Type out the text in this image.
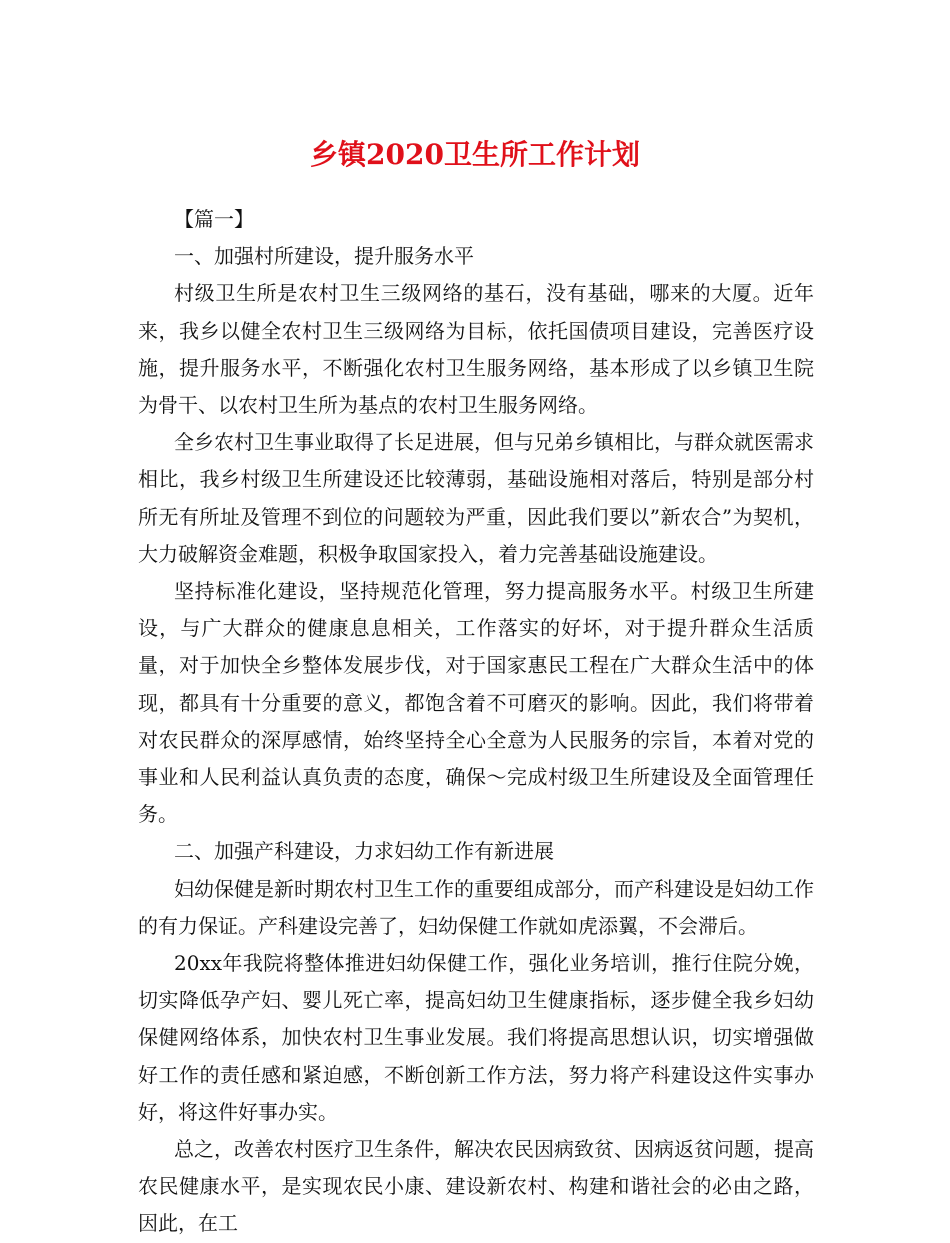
乡镇2020卫生所工作计划

【篇一】

一、加强村所建设，提升服务水平

村级卫生所是农村卫生三级网络的基石，没有基础，哪来的大厦。近年来，我乡以健全农村卫生三级网络为目标，依托国债项目建设，完善医疗设施，提升服务水平，不断强化农村卫生服务网络，基本形成了以乡镇卫生院为骨干、以农村卫生所为基点的农村卫生服务网络。

全乡农村卫生事业取得了长足进展，但与兄弟乡镇相比，与群众就医需求相比，我乡村级卫生所建设还比较薄弱，基础设施相对落后，特别是部分村所无有所址及管理不到位的问题较为严重，因此我们要以”新农合”为契机，大力破解资金难题，积极争取国家投入，着力完善基础设施建设。

坚持标准化建设，坚持规范化管理，努力提高服务水平。村级卫生所建设，与广大群众的健康息息相关，工作落实的好坏，对于提升群众生活质量，对于加快全乡整体发展步伐，对于国家惠民工程在广大群众生活中的体现，都具有十分重要的意义，都饱含着不可磨灭的影响。因此，我们将带着对农民群众的深厚感情，始终坚持全心全意为人民服务的宗旨，本着对党的事业和人民利益认真负责的态度，确保～完成村级卫生所建设及全面管理任务。

二、加强产科建设，力求妇幼工作有新进展

妇幼保健是新时期农村卫生工作的重要组成部分，而产科建设是妇幼工作的有力保证。产科建设完善了，妇幼保健工作就如虎添翼，不会滞后。

20xx年我院将整体推进妇幼保健工作，强化业务培训，推行住院分娩，切实降低孕产妇、婴儿死亡率，提高妇幼卫生健康指标，逐步健全我乡妇幼保健网络体系，加快农村卫生事业发展。我们将提高思想认识，切实增强做好工作的责任感和紧迫感，不断创新工作方法，努力将产科建设这件实事办好，将这件好事办实。

总之，改善农村医疗卫生条件，解决农民因病致贫、因病返贫问题，提高农民健康水平，是实现农民小康、建设新农村、构建和谐社会的必由之路，因此，在工
